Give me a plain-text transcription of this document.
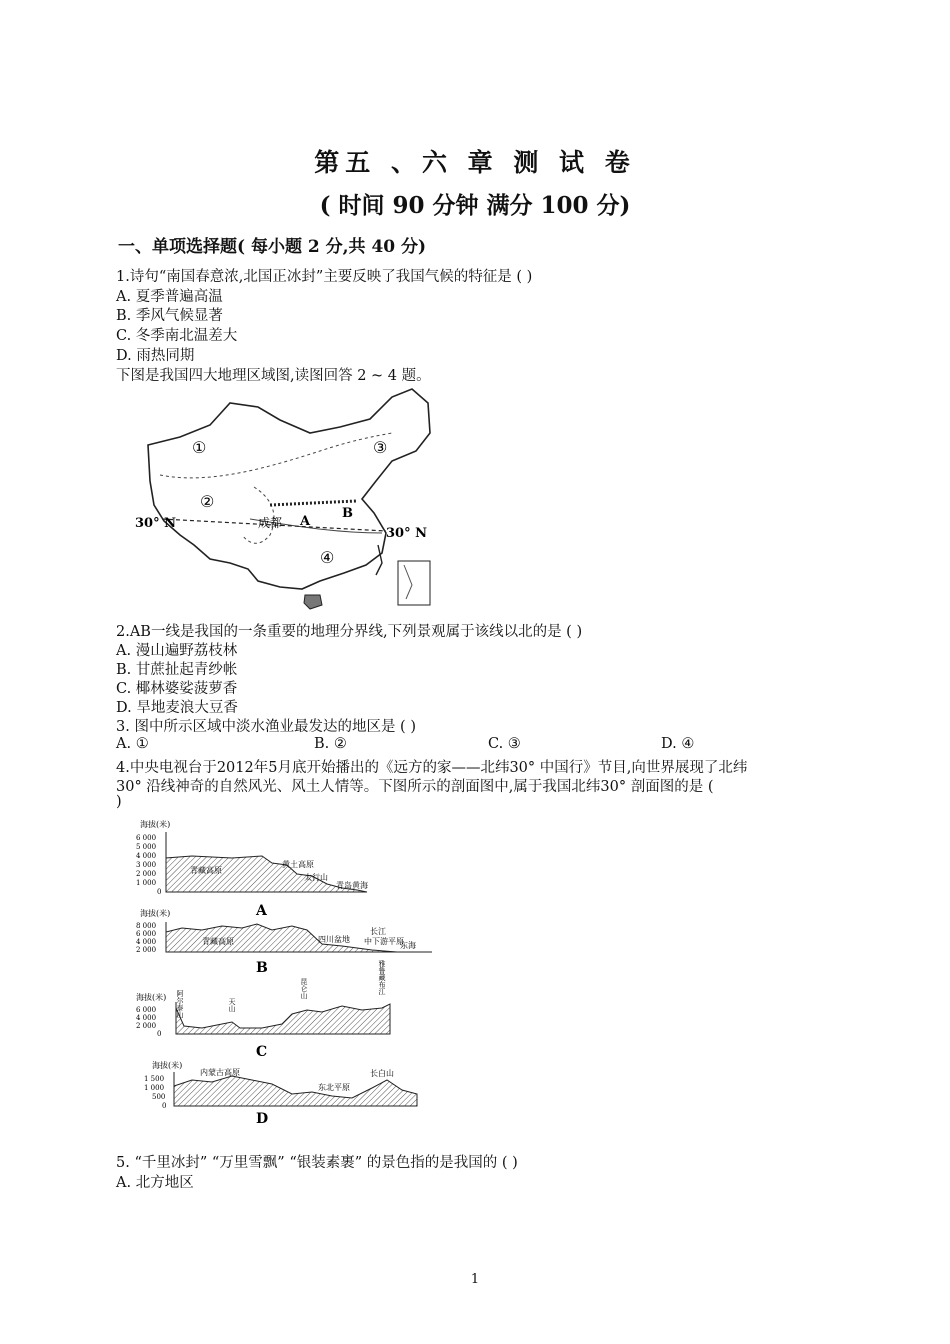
第五 、六 章 测 试 卷
( 时间 90 分钟 满分 100 分)
一、单项选择题( 每小题 2 分,共 40 分)
1.诗句“南国春意浓,北国正冰封”主要反映了我国气候的特征是 ( )
A. 夏季普遍高温
B. 季风气候显著
C. 冬季南北温差大
D. 雨热同期
下图是我国四大地理区域图,读图回答 2 ~ 4 题。
①
②
③
④
30° N
30° N
成都 A
B
2.AB一线是我国的一条重要的地理分界线,下列景观属于该线以北的是 ( )
A. 漫山遍野荔枝林
B. 甘蔗扯起青纱帐
C. 椰林婆娑菠萝香
D. 旱地麦浪大豆香
3. 图中所示区域中淡水渔业最发达的地区是 ( )
A. ①	B. ②	C. ③	D. ④
4.中央电视台于2012年5月底开始播出的《远方的家——北纬30° 中国行》节目,向世界展现了北纬
30° 沿线神奇的自然风光、风土人情等。下图所示的剖面图中,属于我国北纬30° 剖面图的是 (
)
海拔(米)
6 000
5 000
4 000
3 000
2 000
1 000
0
青藏高原
黄土高原
太行山
青岛黄海
A
海拔(米)
8 000
6 000
4 000
2 000
青藏高原	四川盆地
长江
中下游平原
东海
B
海拔(米)
6 000
4 000
2 000
0
阿尔泰山	天山
昆仑山	雅鲁藏布江
C
海拔(米)
1 500
1 000
500
0
内蒙古高原
东北平原
长白山
D
5. “千里冰封” “万里雪飘” “银装素裹” 的景色指的是我国的 ( )
A. 北方地区
1
